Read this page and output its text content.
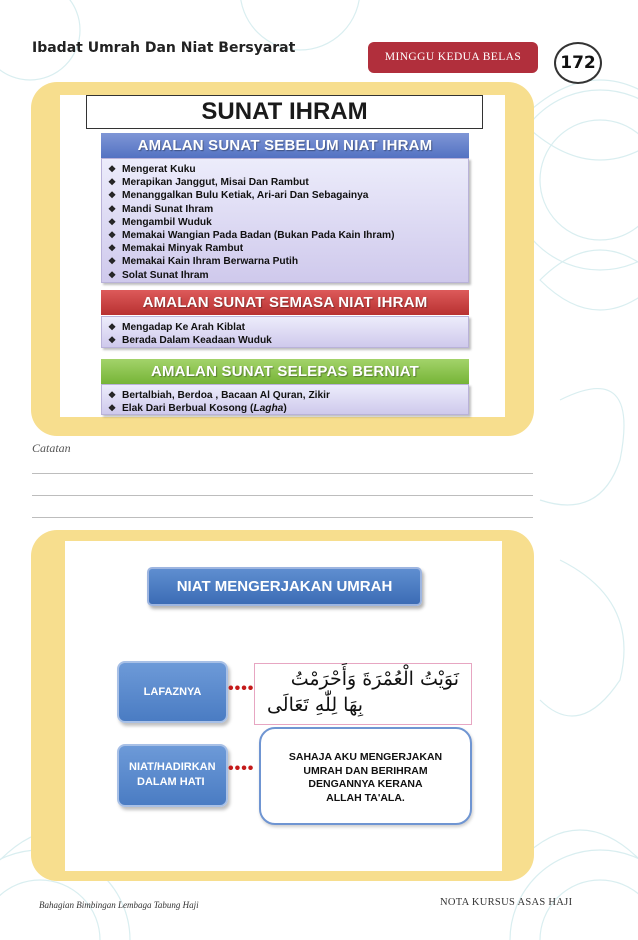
Ibadat Umrah Dan Niat Bersyarat
MINGGU KEDUA BELAS	172
SUNAT IHRAM
AMALAN SUNAT SEBELUM NIAT IHRAM
❖ Mengerat Kuku
❖ Merapikan Janggut, Misai Dan Rambut
❖ Menanggalkan Bulu Ketiak, Ari-ari Dan Sebagainya
❖ Mandi Sunat Ihram
❖ Mengambil Wuduk
❖ Memakai Wangian Pada Badan (Bukan Pada Kain Ihram)
❖ Memakai Minyak Rambut
❖ Memakai Kain Ihram Berwarna Putih
❖ Solat Sunat Ihram
AMALAN SUNAT SEMASA NIAT IHRAM
❖ Mengadap Ke Arah Kiblat
❖ Berada Dalam Keadaan Wuduk
AMALAN SUNAT SELEPAS BERNIAT
❖ Bertalbiah, Berdoa , Bacaan Al Quran, Zikir
❖ Elak Dari Berbual Kosong (Lagha)
Catatan
NIAT MENGERJAKAN UMRAH
LAFAZNYA	•••• نَوَيْتُ الْعُمْرَةَ وَأَحْرَمْتُ
بِهَا لِلّٰهِ تَعَالَى
NIAT/HADIRKAN
DALAM HATI
••••
SAHAJA AKU MENGERJAKAN
UMRAH DAN BERIHRAM
DENGANNYA KERANA
ALLAH TA'ALA.
Bahagian Bimbingan Lembaga Tabung Haji	NOTA KURSUS ASAS HAJI
